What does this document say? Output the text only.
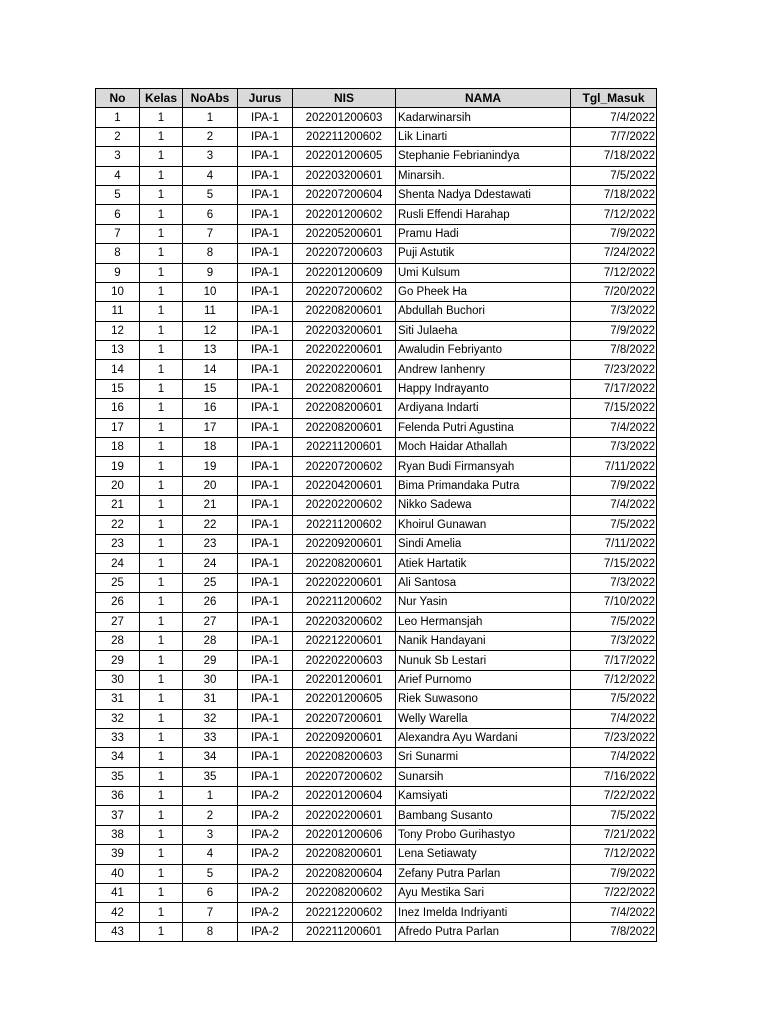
No	Kelas	NoAbs	Jurus	NIS	NAMA	Tgl_Masuk
1	1	1	IPA-1	202201200603	Kadarwinarsih	7/4/2022
2	1	2	IPA-1	202211200602	Lik Linarti	7/7/2022
3	1	3	IPA-1	202201200605	Stephanie Febrianindya	7/18/2022
4	1	4	IPA-1	202203200601	Minarsih.	7/5/2022
5	1	5	IPA-1	202207200604	Shenta Nadya Ddestawati	7/18/2022
6	1	6	IPA-1	202201200602	Rusli Effendi Harahap	7/12/2022
7	1	7	IPA-1	202205200601	Pramu Hadi	7/9/2022
8	1	8	IPA-1	202207200603	Puji Astutik	7/24/2022
9	1	9	IPA-1	202201200609	Umi Kulsum	7/12/2022
10	1	10	IPA-1	202207200602	Go Pheek Ha	7/20/2022
11	1	11	IPA-1	202208200601	Abdullah Buchori	7/3/2022
12	1	12	IPA-1	202203200601	Siti Julaeha	7/9/2022
13	1	13	IPA-1	202202200601	Awaludin Febriyanto	7/8/2022
14	1	14	IPA-1	202202200601	Andrew Ianhenry	7/23/2022
15	1	15	IPA-1	202208200601	Happy Indrayanto	7/17/2022
16	1	16	IPA-1	202208200601	Ardiyana Indarti	7/15/2022
17	1	17	IPA-1	202208200601	Felenda Putri Agustina	7/4/2022
18	1	18	IPA-1	202211200601	Moch Haidar Athallah	7/3/2022
19	1	19	IPA-1	202207200602	Ryan Budi Firmansyah	7/11/2022
20	1	20	IPA-1	202204200601	Bima Primandaka Putra	7/9/2022
21	1	21	IPA-1	202202200602	Nikko Sadewa	7/4/2022
22	1	22	IPA-1	202211200602	Khoirul Gunawan	7/5/2022
23	1	23	IPA-1	202209200601	Sindi Amelia	7/11/2022
24	1	24	IPA-1	202208200601	Atiek Hartatik	7/15/2022
25	1	25	IPA-1	202202200601	Ali Santosa	7/3/2022
26	1	26	IPA-1	202211200602	Nur Yasin	7/10/2022
27	1	27	IPA-1	202203200602	Leo Hermansjah	7/5/2022
28	1	28	IPA-1	202212200601	Nanik Handayani	7/3/2022
29	1	29	IPA-1	202202200603	Nunuk Sb Lestari	7/17/2022
30	1	30	IPA-1	202201200601	Arief Purnomo	7/12/2022
31	1	31	IPA-1	202201200605	Riek Suwasono	7/5/2022
32	1	32	IPA-1	202207200601	Welly Warella	7/4/2022
33	1	33	IPA-1	202209200601	Alexandra Ayu Wardani	7/23/2022
34	1	34	IPA-1	202208200603	Sri Sunarmi	7/4/2022
35	1	35	IPA-1	202207200602	Sunarsih	7/16/2022
36	1	1	IPA-2	202201200604	Kamsiyati	7/22/2022
37	1	2	IPA-2	202202200601	Bambang Susanto	7/5/2022
38	1	3	IPA-2	202201200606	Tony Probo Gurihastyo	7/21/2022
39	1	4	IPA-2	202208200601	Lena Setiawaty	7/12/2022
40	1	5	IPA-2	202208200604	Zefany Putra Parlan	7/9/2022
41	1	6	IPA-2	202208200602	Ayu Mestika Sari	7/22/2022
42	1	7	IPA-2	202212200602	Inez Imelda Indriyanti	7/4/2022
43	1	8	IPA-2	202211200601	Afredo Putra Parlan	7/8/2022
